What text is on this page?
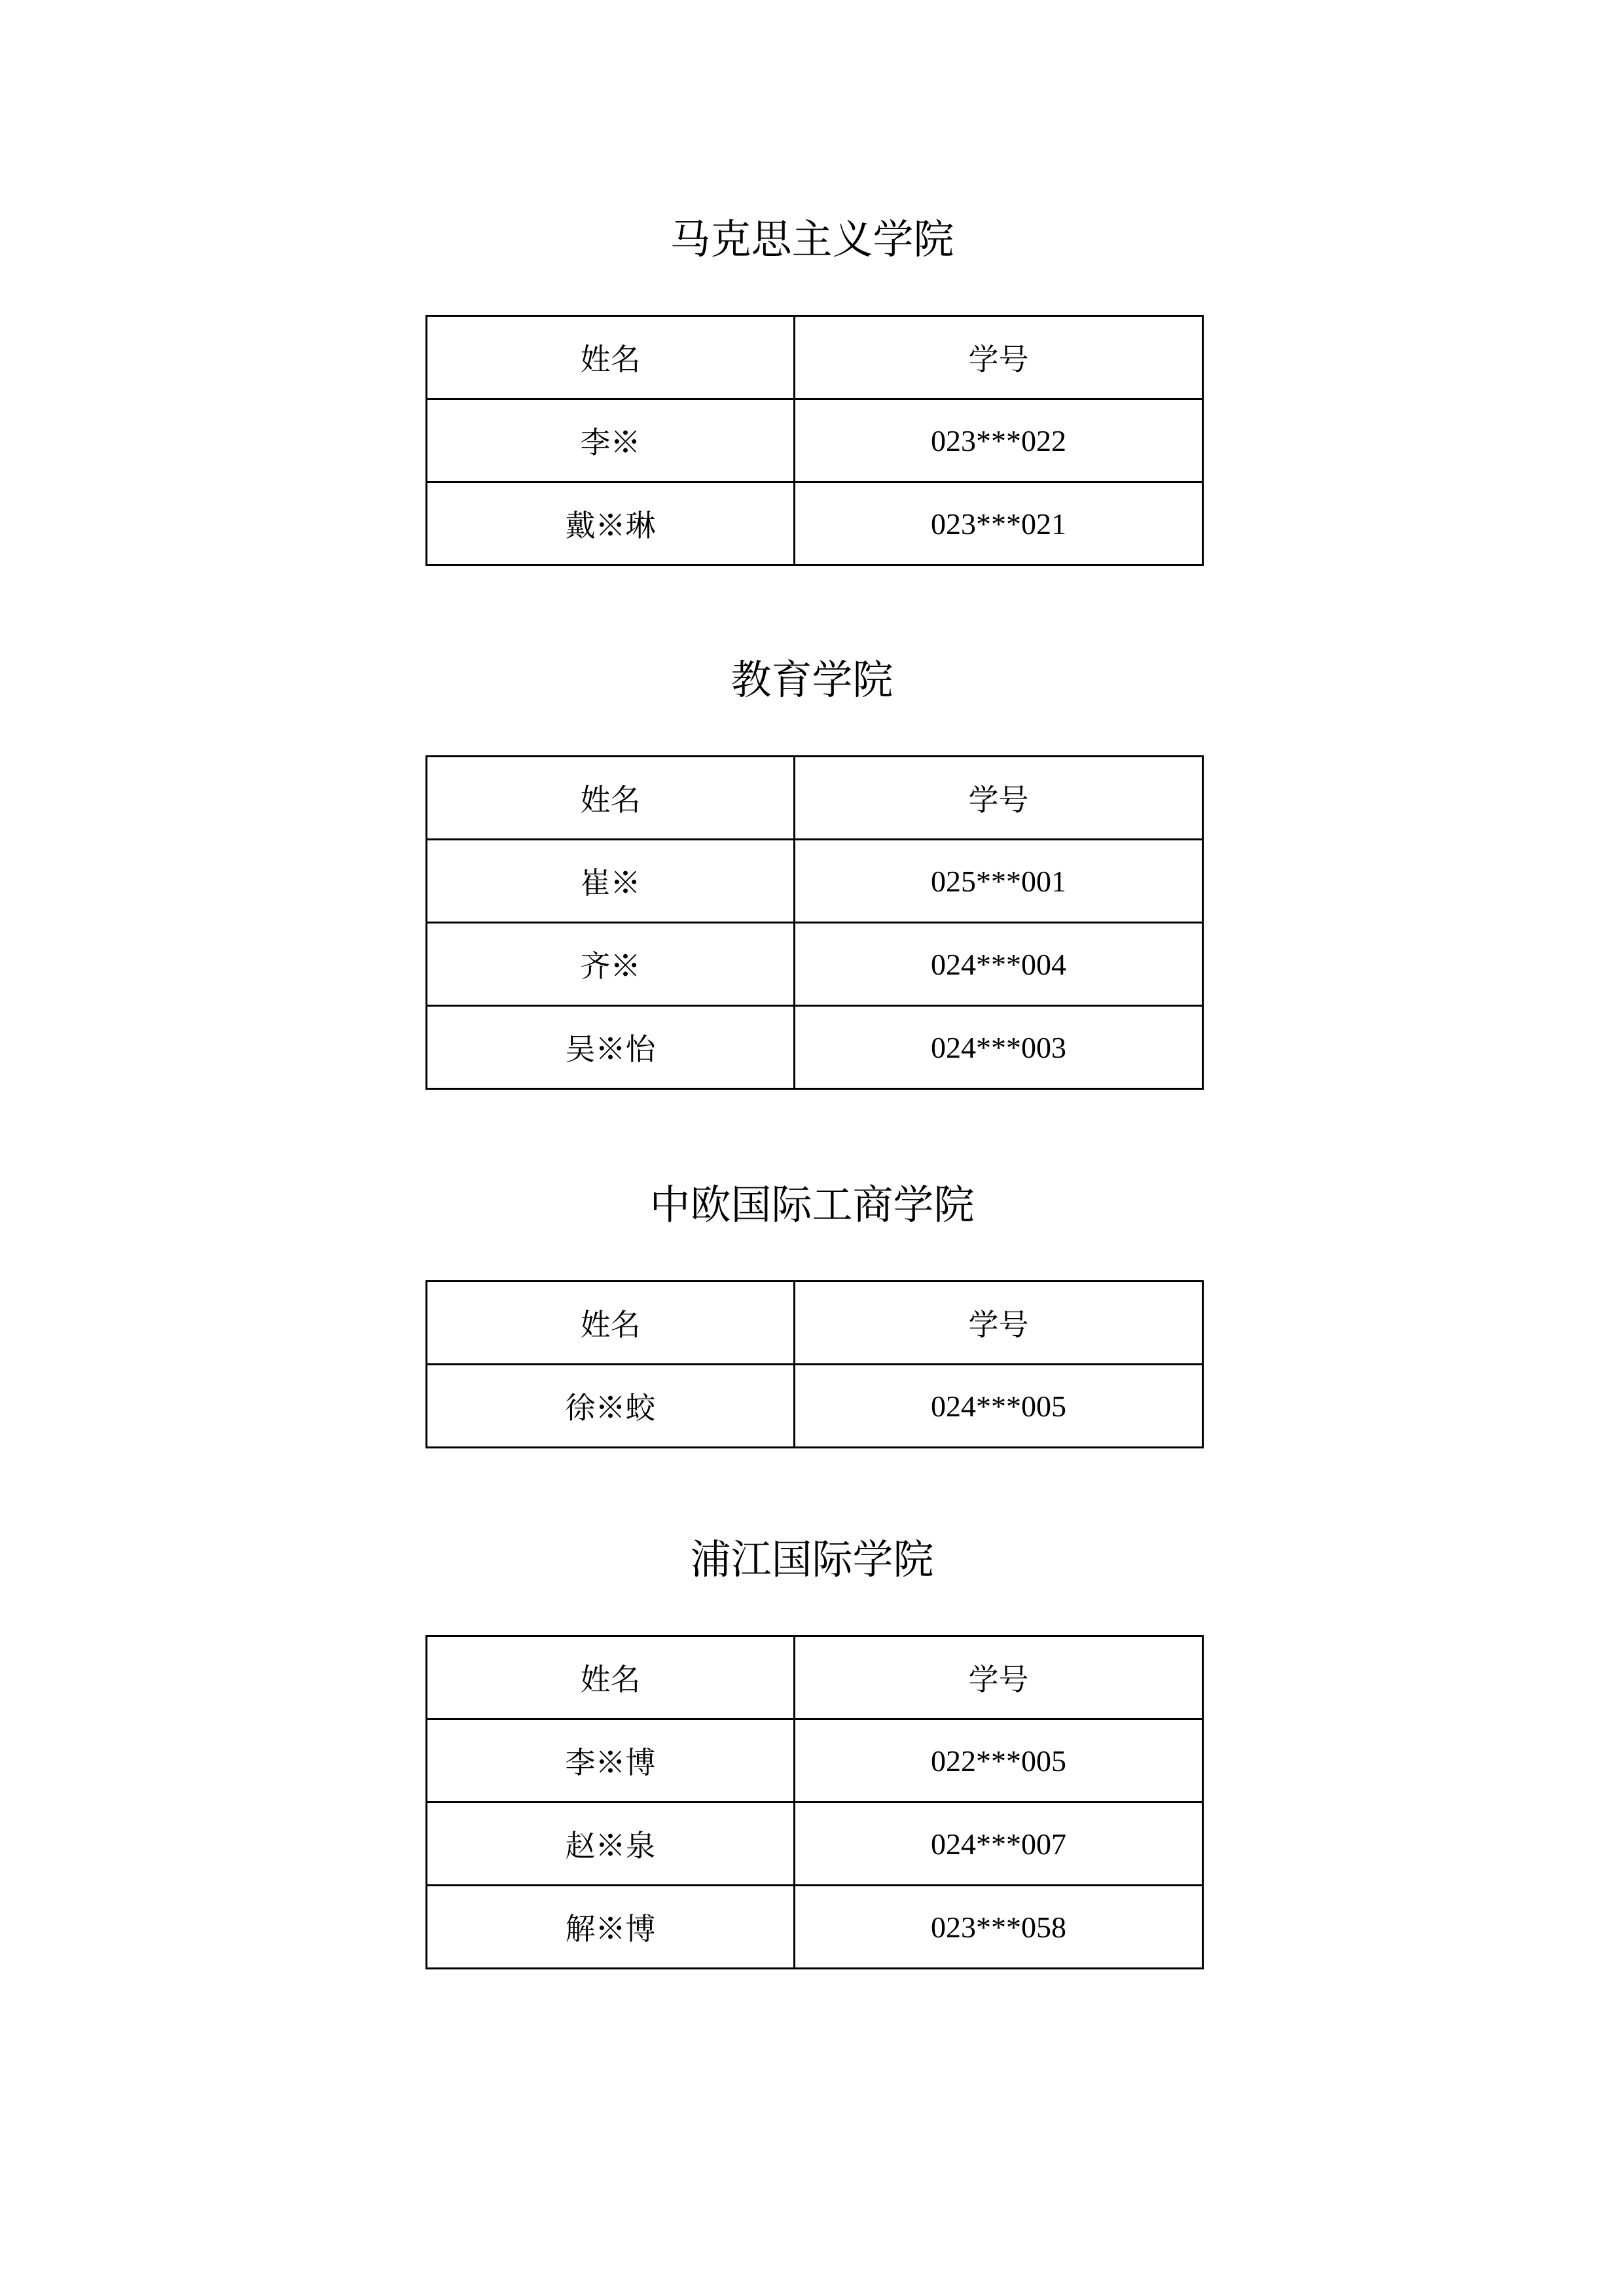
马克思主义学院
姓名	学号
李※	023***022
戴※琳	023***021
教育学院
姓名	学号
崔※	025***001
齐※	024***004
吴※怡	024***003
中欧国际工商学院
姓名	学号
徐※蛟	024***005
浦江国际学院
姓名	学号
李※博	022***005
赵※泉	024***007
解※博	023***058
